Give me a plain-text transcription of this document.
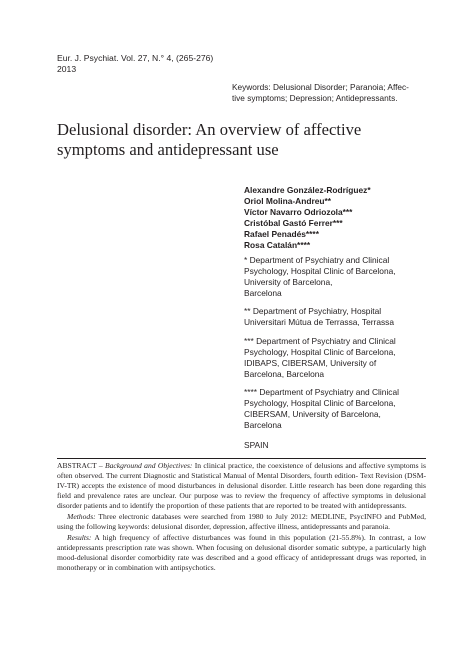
Eur. J. Psychiat. Vol. 27, N.° 4, (265-276)
2013
Keywords: Delusional Disorder; Paranoia; Affec-
tive symptoms; Depression; Antidepressants.
Delusional disorder: An overview of affective
symptoms and antidepressant use
Alexandre González-Rodríguez*
Oriol Molina-Andreu**
Víctor Navarro Odriozola***
Cristóbal Gastó Ferrer***
Rafael Penadés****
Rosa Catalán****
* Department of Psychiatry and Clinical
Psychology, Hospital Clinic of Barcelona,
University of Barcelona,
Barcelona
** Department of Psychiatry, Hospital
Universitari Mútua de Terrassa, Terrassa
*** Department of Psychiatry and Clinical
Psychology, Hospital Clinic of Barcelona,
IDIBAPS, CIBERSAM, University of
Barcelona, Barcelona
**** Department of Psychiatry and Clinical
Psychology, Hospital Clinic of Barcelona,
CIBERSAM, University of Barcelona,
Barcelona
SPAIN

ABSTRACT – Background and Objectives: In clinical practice, the coexistence of delusions and affective symptoms is often observed. The current Diagnostic and Statistical Manual of Mental Disorders, fourth edition- Text Revision (DSM-IV-TR) accepts the existence of mood disturbances in delusional disorder. Little research has been done regarding this field and prevalence rates are unclear. Our purpose was to review the frequency of affective symptoms in delusional disorder patients and to identify the proportion of these patients that are reported to be treated with antidepressants.

Methods: Three electronic databases were searched from 1980 to July 2012: MEDLINE, PsycINFO and PubMed, using the following keywords: delusional disorder, depression, affective illness, antidepressants and paranoia.

Results: A high frequency of affective disturbances was found in this population (21-55.8%). In contrast, a low antidepressants prescription rate was shown. When focusing on delusional disorder somatic subtype, a particularly high mood-delusional disorder comorbidity rate was described and a good efficacy of antidepressant drugs was reported, in monotherapy or in combination with antipsychotics.
